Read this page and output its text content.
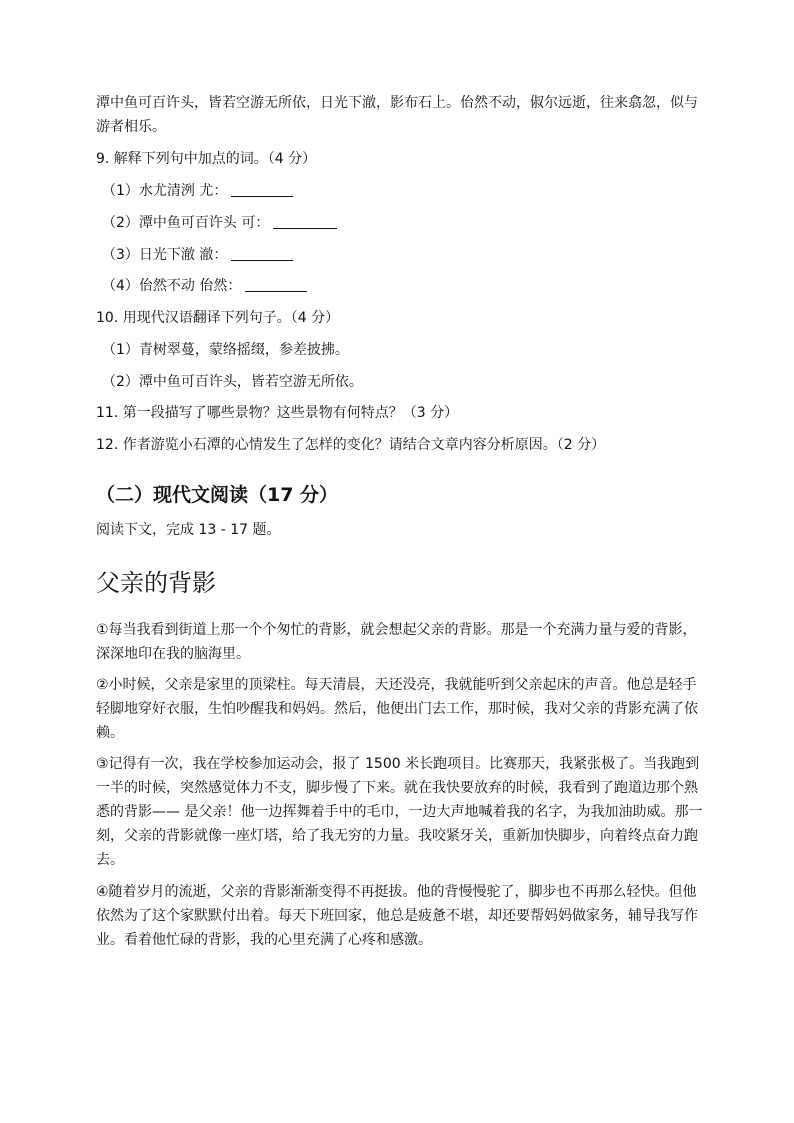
潭中鱼可百许头，皆若空游无所依，日光下澈，影布石上。佁然不动，俶尔远逝，往来翕忽，似与游者相乐。

9. 解释下列句中加点的词。（4 分）

（1）水尤清洌 尤：
（2）潭中鱼可百许头 可：
（3）日光下澈 澈：
（4）佁然不动 佁然：

10. 用现代汉语翻译下列句子。（4 分）

（1）青树翠蔓，蒙络摇缀，参差披拂。
（2）潭中鱼可百许头，皆若空游无所依。

11. 第一段描写了哪些景物？这些景物有何特点？（3 分）

12. 作者游览小石潭的心情发生了怎样的变化？请结合文章内容分析原因。（2 分）

（二）现代文阅读（17 分）

阅读下文，完成 13 - 17 题。

父亲的背影

①每当我看到街道上那一个个匆忙的背影，就会想起父亲的背影。那是一个充满力量与爱的背影，深深地印在我的脑海里。

②小时候，父亲是家里的顶梁柱。每天清晨，天还没亮，我就能听到父亲起床的声音。他总是轻手轻脚地穿好衣服，生怕吵醒我和妈妈。然后，他便出门去工作，那时候，我对父亲的背影充满了依赖。

③记得有一次，我在学校参加运动会，报了 1500 米长跑项目。比赛那天，我紧张极了。当我跑到一半的时候，突然感觉体力不支，脚步慢了下来。就在我快要放弃的时候，我看到了跑道边那个熟悉的背影—— 是父亲！他一边挥舞着手中的毛巾，一边大声地喊着我的名字，为我加油助威。那一刻，父亲的背影就像一座灯塔，给了我无穷的力量。我咬紧牙关，重新加快脚步，向着终点奋力跑去。

④随着岁月的流逝，父亲的背影渐渐变得不再挺拔。他的背慢慢驼了，脚步也不再那么轻快。但他依然为了这个家默默付出着。每天下班回家，他总是疲惫不堪，却还要帮妈妈做家务，辅导我写作业。看着他忙碌的背影，我的心里充满了心疼和感激。
